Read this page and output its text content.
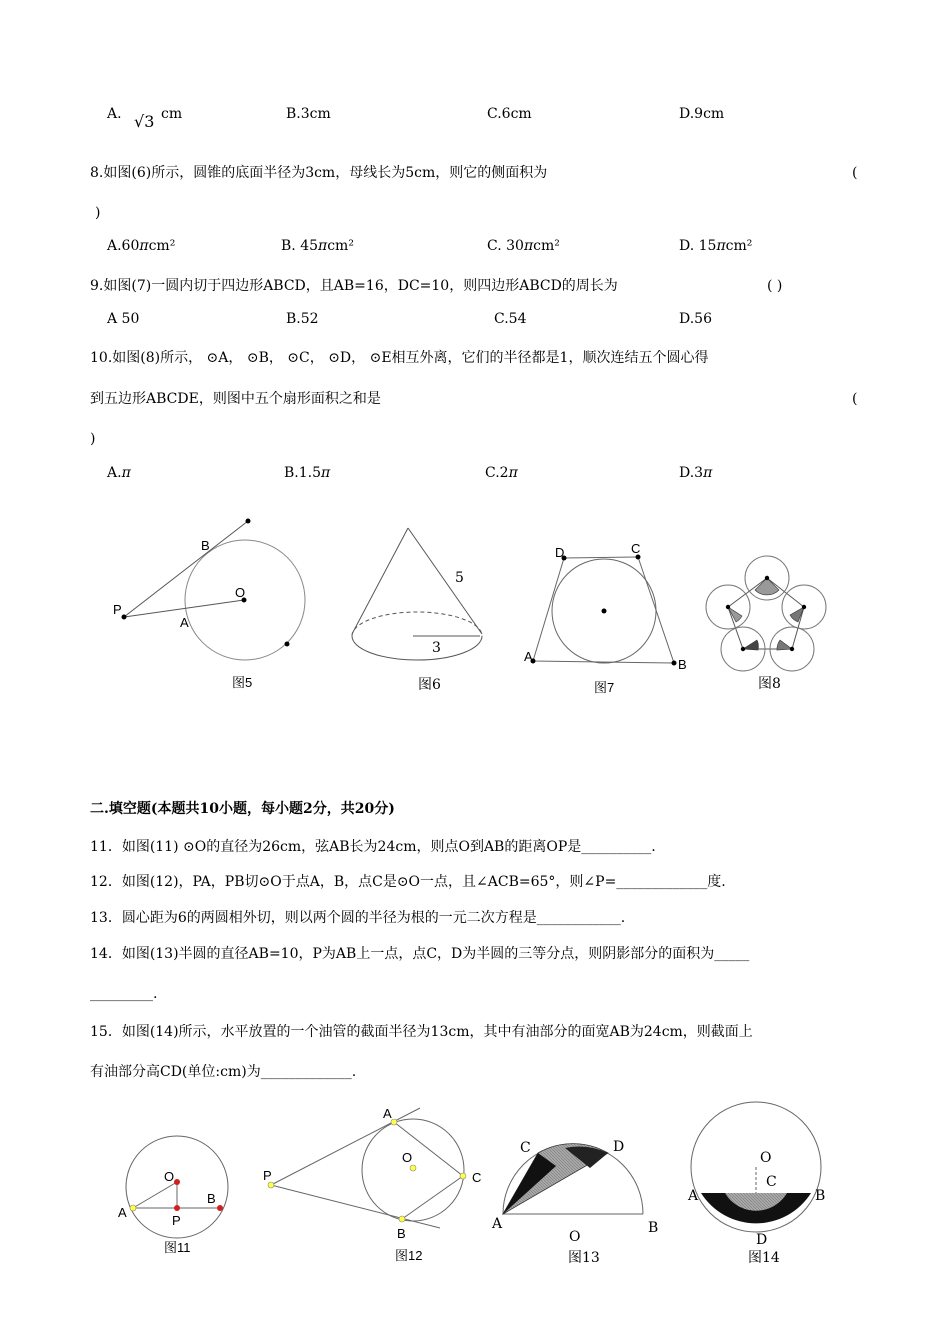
A. √3 cm	B.3cm	C.6cm	D.9cm
8.如图(6)所示，圆锥的底面半径为3cm，母线长为5cm，则它的侧面积为	(
)
A.60πcm²	B. 45πcm²	C. 30πcm²	D. 15πcm²
9.如图(7)一圆内切于四边形ABCD，且AB=16，DC=10，则四边形ABCD的周长为	( )
A 50	B.52	C.54	D.56
10.如图(8)所示， ⊙A， ⊙B， ⊙C， ⊙D， ⊙E相互外离，它们的半径都是1，顺次连结五个圆心得
到五边形ABCDE，则图中五个扇形面积之和是	(
)
A.π	B.1.5π	C.2π	D.3π
P
A
B
O
图5
5
3
图6
A
B
C
D
图7	图8
O
A
B
P
图11
P
A
B
C
O
图12
C	D
A	B
O
图13
O
C
A	B
D
图14
二.填空题(本题共10小题，每小题2分，共20分)
11．如图(11) ⊙O的直径为26cm，弦AB长为24cm，则点O到AB的距离OP是__________.
12．如图(12)，PA，PB切⊙O于点A，B，点C是⊙O一点，且∠ACB=65°，则∠P=_____________度.
13．圆心距为6的两圆相外切，则以两个圆的半径为根的一元二次方程是____________.
14．如图(13)半圆的直径AB=10，P为AB上一点，点C，D为半圆的三等分点，则阴影部分的面积为_____
_________.
15．如图(14)所示，水平放置的一个油管的截面半径为13cm，其中有油部分的面宽AB为24cm，则截面上
有油部分高CD(单位:cm)为_____________.
